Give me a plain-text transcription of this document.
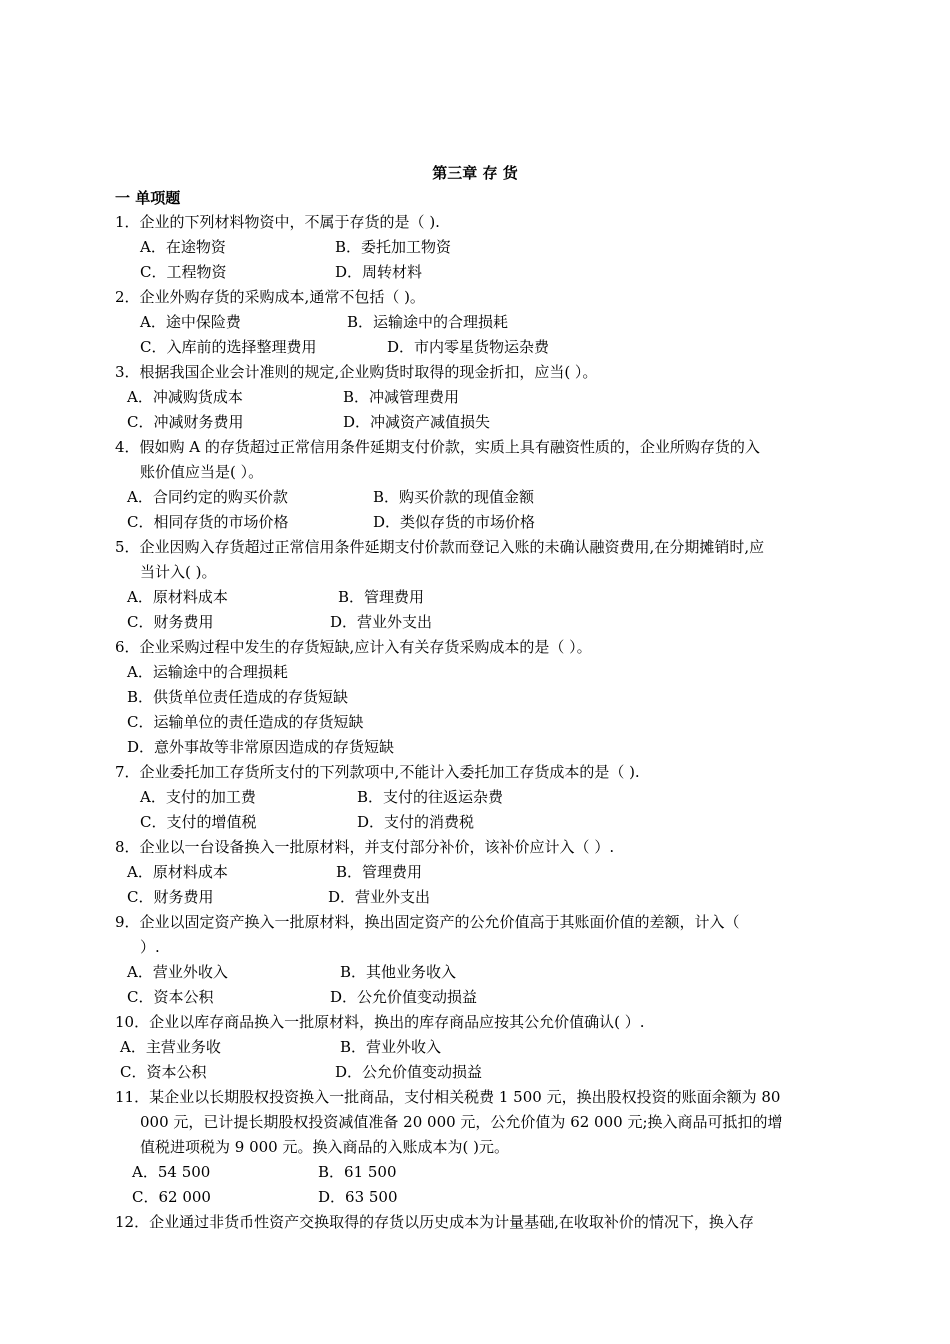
第三章 存 货
一 单项题
1．企业的下列材料物资中，不属于存货的是（ ).
A．在途物资	B．委托加工物资
C．工程物资	D．周转材料
2．企业外购存货的采购成本,通常不包括（ )。
A．途中保险费	B．运输途中的合理损耗
C．入库前的选择整理费用	D．市内零星货物运杂费
3．根据我国企业会计准则的规定,企业购货时取得的现金折扣，应当( ）。
A．冲减购货成本	B．冲减管理费用
C．冲减财务费用	D．冲减资产减值损失
4．假如购 A 的存货超过正常信用条件延期支付价款，实质上具有融资性质的，企业所购存货的入
账价值应当是( ）。
A．合同约定的购买价款	B．购买价款的现值金额
C．相同存货的市场价格	D．类似存货的市场价格
5．企业因购入存货超过正常信用条件延期支付价款而登记入账的未确认融资费用,在分期摊销时,应
当计入( )。
A．原材料成本	B．管理费用
C．财务费用	D．营业外支出
6．企业采购过程中发生的存货短缺,应计入有关存货采购成本的是（ ）。
A．运输途中的合理损耗
B．供货单位责任造成的存货短缺
C．运输单位的责任造成的存货短缺
D．意外事故等非常原因造成的存货短缺
7．企业委托加工存货所支付的下列款项中,不能计入委托加工存货成本的是（ ).
A．支付的加工费	B．支付的往返运杂费
C．支付的增值税	D．支付的消费税
8．企业以一台设备换入一批原材料，并支付部分补价，该补价应计入（ ）.
A．原材料成本	B．管理费用
C．财务费用	D．营业外支出
9．企业以固定资产换入一批原材料，换出固定资产的公允价值高于其账面价值的差额，计入（
）.
A．营业外收入	B．其他业务收入
C．资本公积	D．公允价值变动损益
10．企业以库存商品换入一批原材料，换出的库存商品应按其公允价值确认( ）.
A．主营业务收	B．营业外收入
C．资本公积	D．公允价值变动损益
11．某企业以长期股权投资换入一批商品，支付相关税费 1 500 元，换出股权投资的账面余额为 80
000 元，已计提长期股权投资减值准备 20 000 元，公允价值为 62 000 元;换入商品可抵扣的增
值税进项税为 9 000 元。换入商品的入账成本为( )元。
A．54 500	B．61 500
C．62 000	D．63 500
12．企业通过非货币性资产交换取得的存货以历史成本为计量基础,在收取补价的情况下，换入存
